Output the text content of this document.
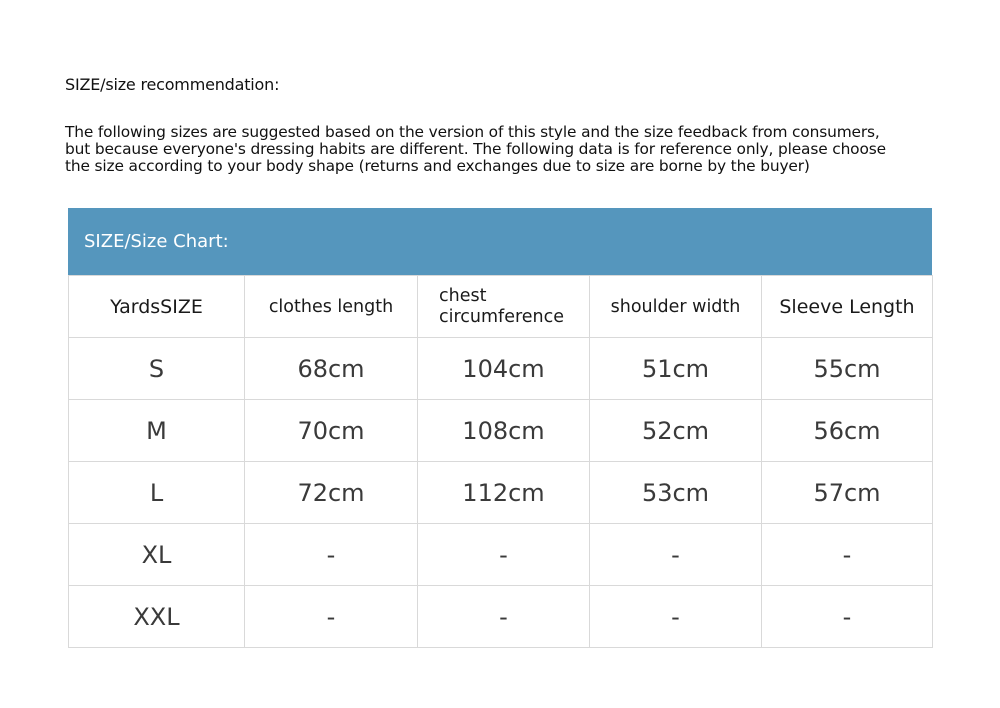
SIZE/size recommendation:
The following sizes are suggested based on the version of this style and the size feedback from consumers,
but because everyone's dressing habits are different. The following data is for reference only, please choose
the size according to your body shape (returns and exchanges due to size are borne by the buyer)
SIZE/Size Chart:
YardsSIZE	clothes length	chest circumference	shoulder width	Sleeve Length
S	68cm	104cm	51cm	55cm
M	70cm	108cm	52cm	56cm
L	72cm	112cm	53cm	57cm
XL	-	-	-	-
XXL	-	-	-	-
